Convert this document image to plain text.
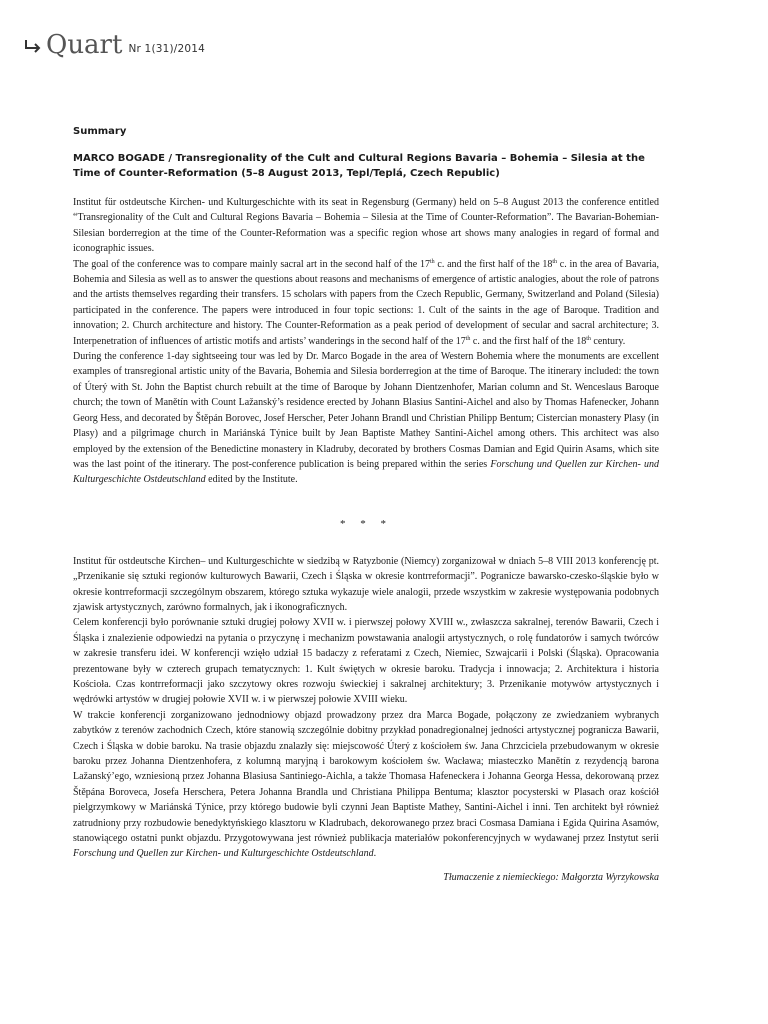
Quart Nr 1(31)/2014
Summary
MARCO BOGADE / Transregionality of the Cult and Cultural Regions Bavaria – Bohemia – Silesia at the Time of Counter-Reformation (5–8 August 2013, Tepl/Teplá, Czech Republic)

Institut für ostdeutsche Kirchen- und Kulturgeschichte with its seat in Regensburg (Germany) held on 5–8 August 2013 the conference entitled “Transregionality of the Cult and Cultural Regions Bavaria – Bohemia – Silesia at the Time of Counter-Reformation”. The Bavarian-Bohemian-Silesian borderregion at the time of the Counter-Reformation was a specific region whose art shows many analogies in regard of formal and iconographic issues.

The goal of the conference was to compare mainly sacral art in the second half of the 17th c. and the first half of the 18th c. in the area of Bavaria, Bohemia and Silesia as well as to answer the questions about reasons and mechanisms of emergence of artistic analogies, about the role of patrons and the artists themselves regarding their transfers. 15 scholars with papers from the Czech Republic, Germany, Switzerland and Poland (Silesia) participated in the conference. The papers were introduced in four topic sections: 1. Cult of the saints in the age of Baroque. Tradition and innovation; 2. Church architecture and history. The Counter-Reformation as a peak period of development of secular and sacral architecture; 3. Interpenetration of influences of artistic motifs and artists’ wanderings in the second half of the 17th c. and the first half of the 18th century.

During the conference 1-day sightseeing tour was led by Dr. Marco Bogade in the area of Western Bohemia where the monuments are excellent examples of transregional artistic unity of the Bavaria, Bohemia and Silesia borderregion at the time of Baroque. The itinerary included: the town of Úterý with St. John the Baptist church rebuilt at the time of Baroque by Johann Dientzenhofer, Marian column and St. Wenceslaus Baroque church; the town of Manětín with Count Lažanský’s residence erected by Johann Blasius Santini-Aichel and also by Thomas Hafenecker, Johann Georg Hess, and decorated by Štěpán Borovec, Josef Herscher, Peter Johann Brandl und Christian Philipp Bentum; Cistercian monastery Plasy (in Plasy) and a pilgrimage church in Mariánská Týnice built by Jean Baptiste Mathey Santini-Aichel among others. This architect was also employed by the extension of the Benedictine monastery in Kladruby, decorated by brothers Cosmas Damian and Egid Quirin Asams, which site was the last point of the itinerary. The post-conference publication is being prepared within the series Forschung und Quellen zur Kirchen- und Kulturgeschichte Ostdeutschland edited by the Institute.

* * *

Institut für ostdeutsche Kirchen– und Kulturgeschichte w siedzibą w Ratyzbonie (Niemcy) zorganizował w dniach 5–8 VIII 2013 konferencję pt. „Przenikanie się sztuki regionów kulturowych Bawarii, Czech i Śląska w okresie kontrreformacji”. Pogranicze bawarsko-czesko-śląskie było w okresie kontrreformacji szczególnym obszarem, którego sztuka wykazuje wiele analogii, przede wszystkim w zakresie występowania podobnych zjawisk artystycznych, zarówno formalnych, jak i ikonograficznych.

Celem konferencji było porównanie sztuki drugiej połowy XVII w. i pierwszej połowy XVIII w., zwłaszcza sakralnej, terenów Bawarii, Czech i Śląska i znalezienie odpowiedzi na pytania o przyczynę i mechanizm powstawania analogii artystycznych, o rolę fundatorów i samych twórców w zakresie transferu idei. W konferencji wzięło udział 15 badaczy z referatami z Czech, Niemiec, Szwajcarii i Polski (Śląska). Opracowania prezentowane były w czterech grupach tematycznych: 1. Kult świętych w okresie baroku. Tradycja i innowacja; 2. Architektura i historia Kościoła. Czas kontrreformacji jako szczytowy okres rozwoju świeckiej i sakralnej architektury; 3. Przenikanie motywów artystycznych i wędrówki artystów w drugiej połowie XVII w. i w pierwszej połowie XVIII wieku.

W trakcie konferencji zorganizowano jednodniowy objazd prowadzony przez dra Marca Bogade, połączony ze zwiedzaniem wybranych zabytków z terenów zachodnich Czech, które stanowią szczególnie dobitny przykład ponadregionalnej jedności artystycznej pogranicza Bawarii, Czech i Śląska w dobie baroku. Na trasie objazdu znalazły się: miejscowość Úterý z kościołem św. Jana Chrzciciela przebudowanym w okresie baroku przez Johanna Dientzenhofera, z kolumną maryjną i barokowym kościołem św. Wacława; miasteczko Manětín z rezydencją barona Lažanský’ego, wzniesioną przez Johanna Blasiusa Santiniego-Aichla, a także Thomasa Hafeneckera i Johanna Georga Hessa, dekorowaną przez Štěpána Boroveca, Josefa Herschera, Petera Johanna Brandla und Christiana Philippa Bentuma; klasztor pocysterski w Plasach oraz kościół pielgrzymkowy w Mariánská Týnice, przy którego budowie byli czynni Jean Baptiste Mathey, Santini-Aichel i inni. Ten architekt był również zatrudniony przy rozbudowie benedyktyńskiego klasztoru w Kladrubach, dekorowanego przez braci Cosmasa Damiana i Egida Quirina Asamów, stanowiącego ostatni punkt objazdu. Przygotowywana jest również publikacja materiałów pokonferencyjnych w wydawanej przez Instytut serii Forschung und Quellen zur Kirchen- und Kulturgeschichte Ostdeutschland.

Tłumaczenie z niemieckiego: Małgorzta Wyrzykowska
